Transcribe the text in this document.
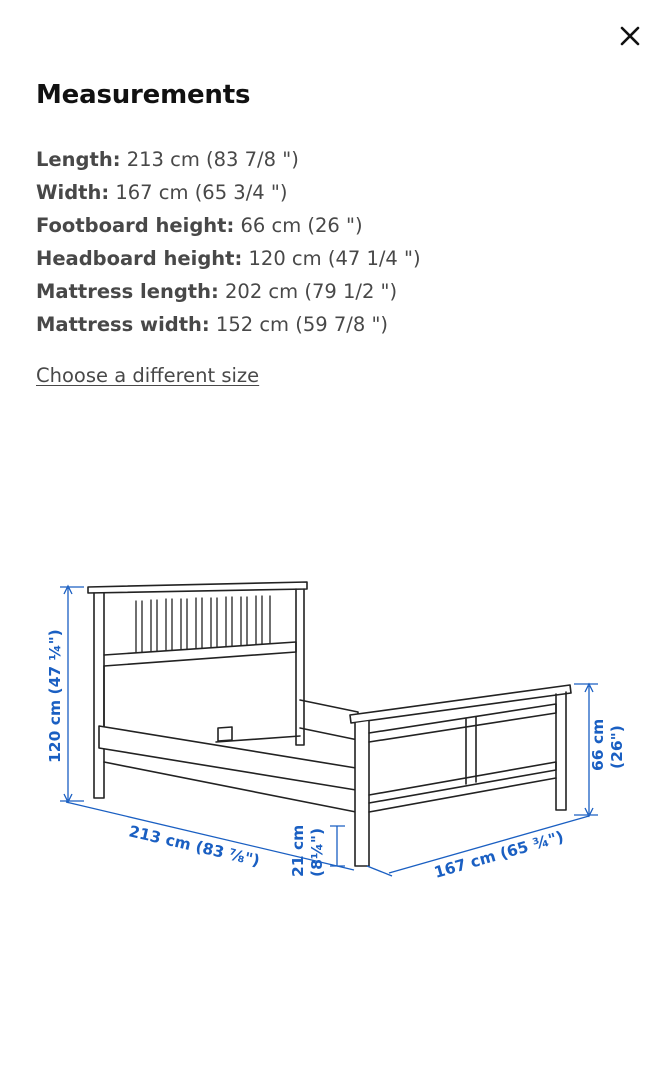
Measurements
Length: 213 cm (83 7/8 ")
Width: 167 cm (65 3/4 ")
Footboard height: 66 cm (26 ")
Headboard height: 120 cm (47 1/4 ")
Mattress length: 202 cm (79 1/2 ")
Mattress width: 152 cm (59 7/8 ")
Choose a different size
120 cm (47 ¼")
213 cm (83 ⅞") 21 cm (8¼")	167 cm (65 ¾")
66 cm (26")
